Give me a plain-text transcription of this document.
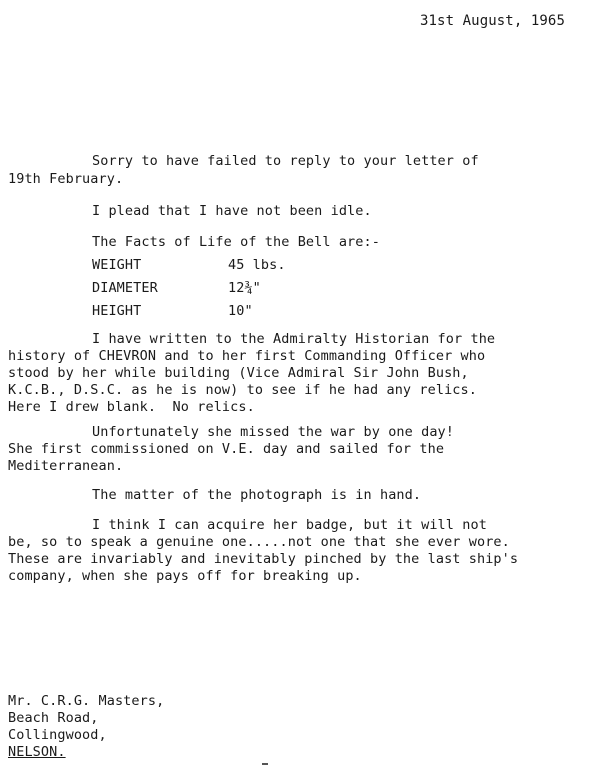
31st August, 1965
Sorry to have failed to reply to your letter of
19th February.
I plead that I have not been idle.
The Facts of Life of the Bell are:-
WEIGHT	45 lbs.
DIAMETER	12¾"
HEIGHT	10"
I have written to the Admiralty Historian for the
history of CHEVRON and to her first Commanding Officer who
stood by her while building (Vice Admiral Sir John Bush,
K.C.B., D.S.C. as he is now) to see if he had any relics.
Here I drew blank.  No relics.
Unfortunately she missed the war by one day!
She first commissioned on V.E. day and sailed for the
Mediterranean.
The matter of the photograph is in hand.
I think I can acquire her badge, but it will not
be, so to speak a genuine one.....not one that she ever wore.
These are invariably and inevitably pinched by the last ship's
company, when she pays off for breaking up.
Mr. C.R.G. Masters,
Beach Road,
Collingwood,
NELSON.
